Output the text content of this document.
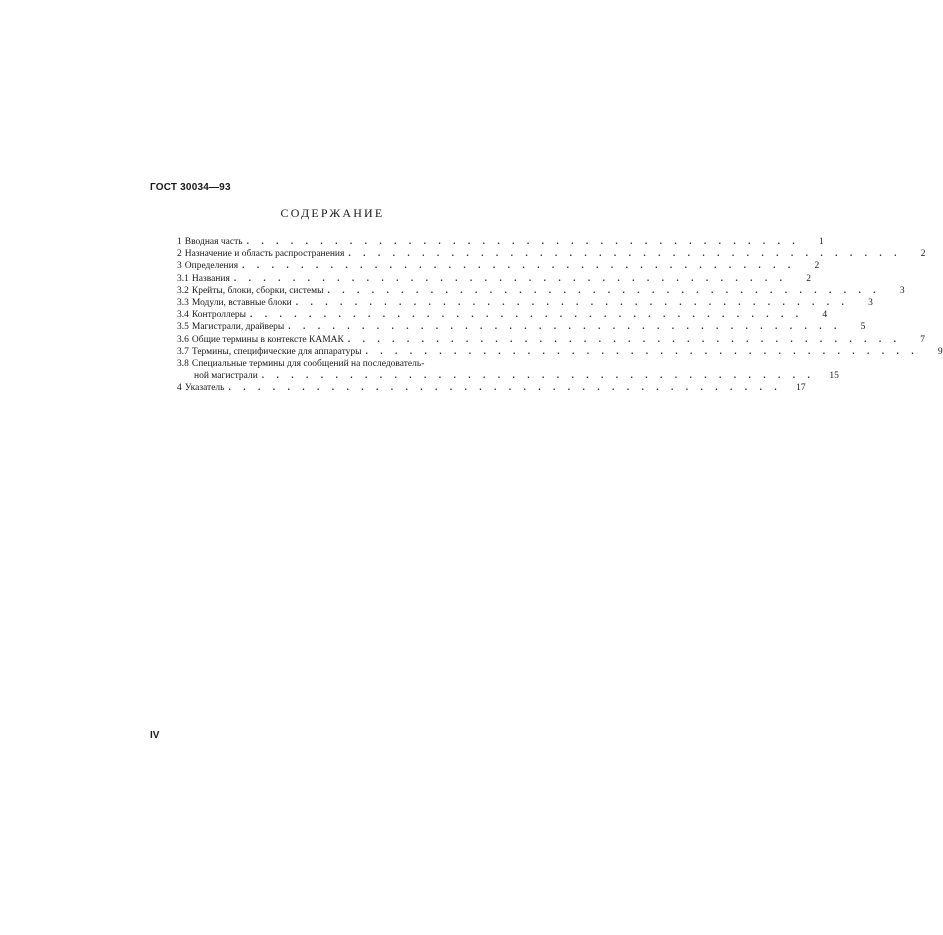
ГОСТ 30034—93
СОДЕРЖАНИЕ
1 Вводная часть . . . . . . . . . . . . . . . . . . . . . . . . . . . . . . . . . . . . . .	1
2 Назначение и область распространения . . . . . . . . . . . . . . . . . . . . . . . . . . . . . . . . . . . . . .	2
3 Определения . . . . . . . . . . . . . . . . . . . . . . . . . . . . . . . . . . . . . .	2
3.1 Названия . . . . . . . . . . . . . . . . . . . . . . . . . . . . . . . . . . . . . .	2
3.2 Крейты, блоки, сборки, системы . . . . . . . . . . . . . . . . . . . . . . . . . . . . . . . . . . . . . .	3
3.3 Модули, вставные блоки . . . . . . . . . . . . . . . . . . . . . . . . . . . . . . . . . . . . . .	3
3.4 Контроллеры . . . . . . . . . . . . . . . . . . . . . . . . . . . . . . . . . . . . . .	4
3.5 Магистрали, драйверы . . . . . . . . . . . . . . . . . . . . . . . . . . . . . . . . . . . . . .	5
3.6 Общие термины в контексте КАМАК . . . . . . . . . . . . . . . . . . . . . . . . . . . . . . . . . . . . . .	7
3.7 Термины, специфические для аппаратуры . . . . . . . . . . . . . . . . . . . . . . . . . . . . . . . . . . . . . .	9
3.8 Специальные термины для сообщений на последователь-
ной магистрали . . . . . . . . . . . . . . . . . . . . . . . . . . . . . . . . . . . . . .	15
4 Указатель . . . . . . . . . . . . . . . . . . . . . . . . . . . . . . . . . . . . . .	17
IV
